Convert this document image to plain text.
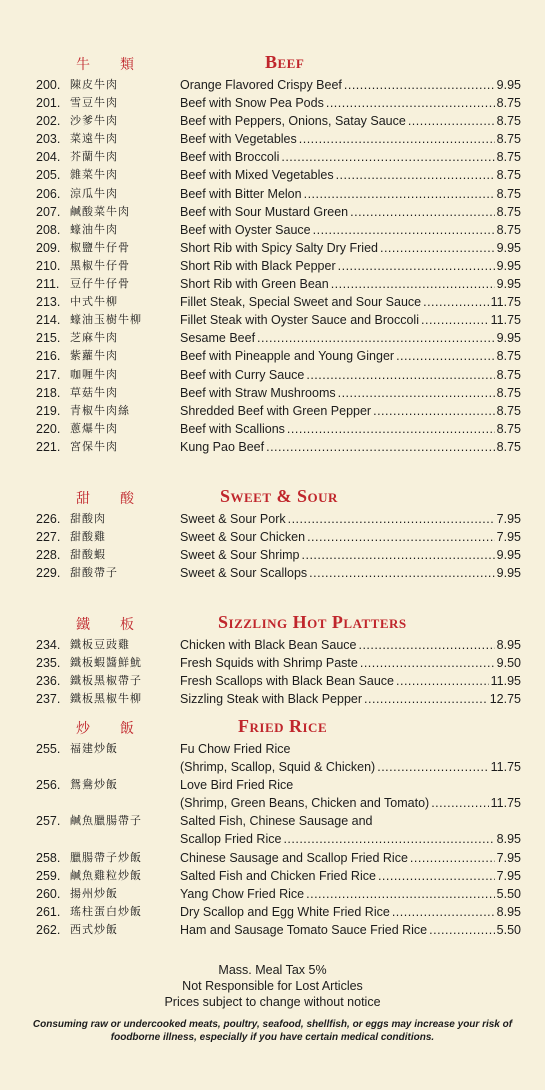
牛類	Beef
200. 陳皮牛肉	Orange Flavored Crispy Beef .....	9.95
201. 雪豆牛肉	Beef with Snow Pea Pods .....	8.75
202. 沙爹牛肉	Beef with Peppers, Onions, Satay Sauce .....	8.75
203. 菜遠牛肉	Beef with Vegetables .....	8.75
204. 芥蘭牛肉	Beef with Broccoli .....	8.75
205. 雜菜牛肉	Beef with Mixed Vegetables .....	8.75
206. 涼瓜牛肉	Beef with Bitter Melon .....	8.75
207. 鹹酸菜牛肉	Beef with Sour Mustard Green .....	8.75
208. 蠔油牛肉	Beef with Oyster Sauce .....	8.75
209. 椒鹽牛仔骨	Short Rib with Spicy Salty Dry Fried .....	9.95
210. 黑椒牛仔骨	Short Rib with Black Pepper .....	9.95
211. 豆仔牛仔骨	Short Rib with Green Bean .....	9.95
213. 中式牛柳	Fillet Steak, Special Sweet and Sour Sauce .....	11.75
214. 蠔油玉樹牛柳	Fillet Steak with Oyster Sauce and Broccoli .....	11.75
215. 芝麻牛肉	Sesame Beef .....	9.95
216. 紫蘿牛肉	Beef with Pineapple and Young Ginger .....	8.75
217. 咖喱牛肉	Beef with Curry Sauce .....	8.75
218. 草菇牛肉	Beef with Straw Mushrooms .....	8.75
219. 青椒牛肉絲	Shredded Beef with Green Pepper .....	8.75
220. 蔥爆牛肉	Beef with Scallions .....	8.75
221. 宮保牛肉	Kung Pao Beef .....	8.75
甜酸	Sweet & Sour
226. 甜酸肉	Sweet & Sour Pork .....	7.95
227. 甜酸雞	Sweet & Sour Chicken .....	7.95
228. 甜酸蝦	Sweet & Sour Shrimp .....	9.95
229. 甜酸帶子	Sweet & Sour Scallops .....	9.95
鐵板	Sizzling Hot Platters
234. 鐵板豆豉雞	Chicken with Black Bean Sauce .....	8.95
235. 鐵板蝦醬鮮魷	Fresh Squids with Shrimp Paste .....	9.50
236. 鐵板黑椒帶子	Fresh Scallops with Black Bean Sauce .....	11.95
237. 鐵板黑椒牛柳	Sizzling Steak with Black Pepper .....	12.75
炒飯	Fried Rice
255. 福建炒飯	Fu Chow Fried Rice
(Shrimp, Scallop, Squid & Chicken) .....	11.75
256. 鴛鴦炒飯	Love Bird Fried Rice
(Shrimp, Green Beans, Chicken and Tomato) .....	11.75
257. 鹹魚臘腸帶子	Salted Fish, Chinese Sausage and
Scallop Fried Rice .....	8.95
258. 臘腸帶子炒飯	Chinese Sausage and Scallop Fried Rice .....	7.95
259. 鹹魚雞粒炒飯	Salted Fish and Chicken Fried Rice .....	7.95
260. 揚州炒飯	Yang Chow Fried Rice .....	5.50
261. 瑤柱蛋白炒飯	Dry Scallop and Egg White Fried Rice .....	8.95
262. 西式炒飯	Ham and Sausage Tomato Sauce Fried Rice .....	5.50
Mass. Meal Tax 5%
Not Responsible for Lost Articles
Prices subject to change without notice
Consuming raw or undercooked meats, poultry, seafood, shellfish, or eggs may increase your risk of foodborne illness, especially if you have certain medical conditions.
